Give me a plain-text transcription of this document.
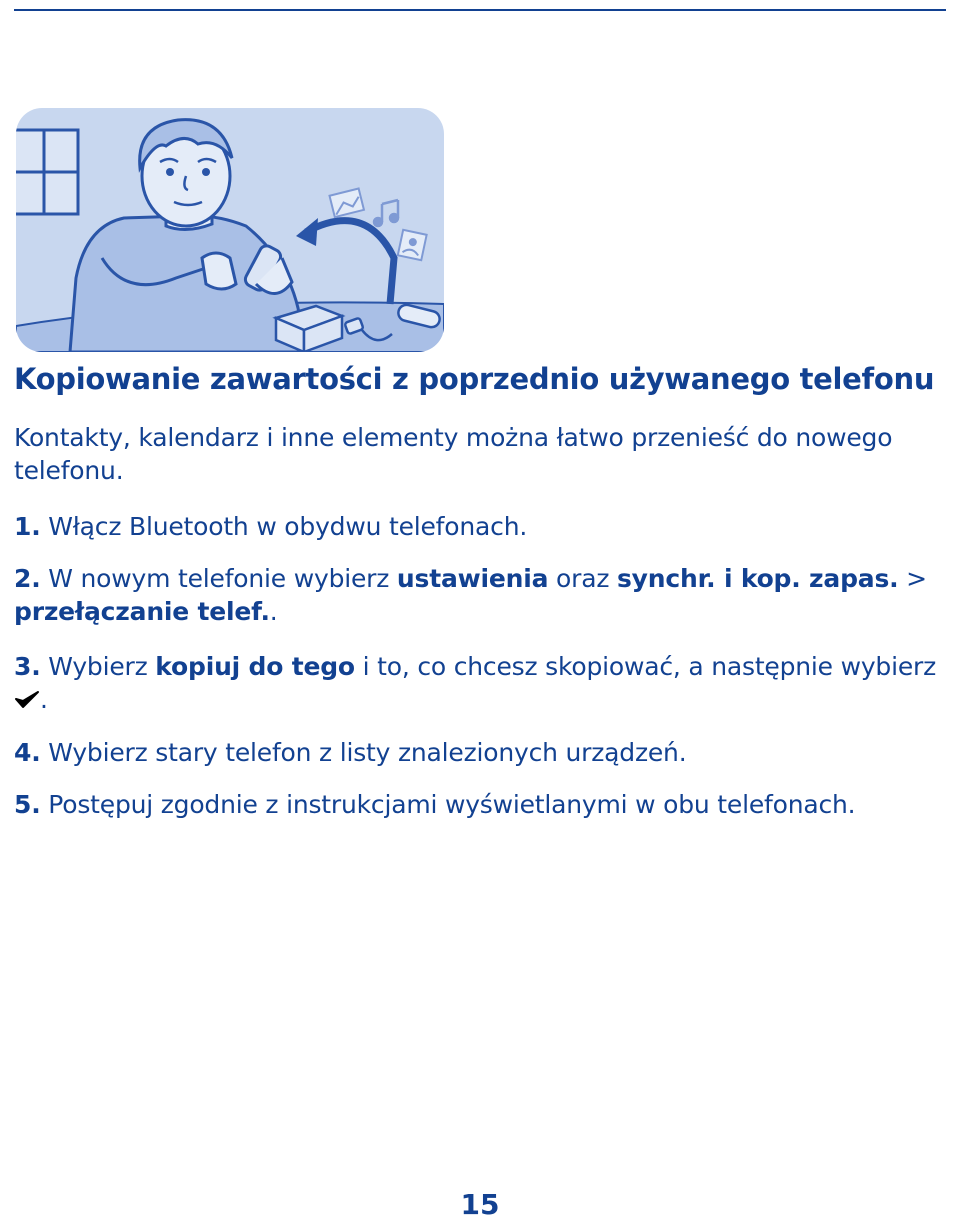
Kopiowanie zawartości z poprzednio używanego telefonu

Kontakty, kalendarz i inne elementy można łatwo przenieść do nowego telefonu.

1. Włącz Bluetooth w obydwu telefonach.

2. W nowym telefonie wybierz ustawienia oraz synchr. i kop. zapas. > przełączanie telef..

3. Wybierz kopiuj do tego i to, co chcesz skopiować, a następnie wybierz .

4. Wybierz stary telefon z listy znalezionych urządzeń.

5. Postępuj zgodnie z instrukcjami wyświetlanymi w obu telefonach.

15
